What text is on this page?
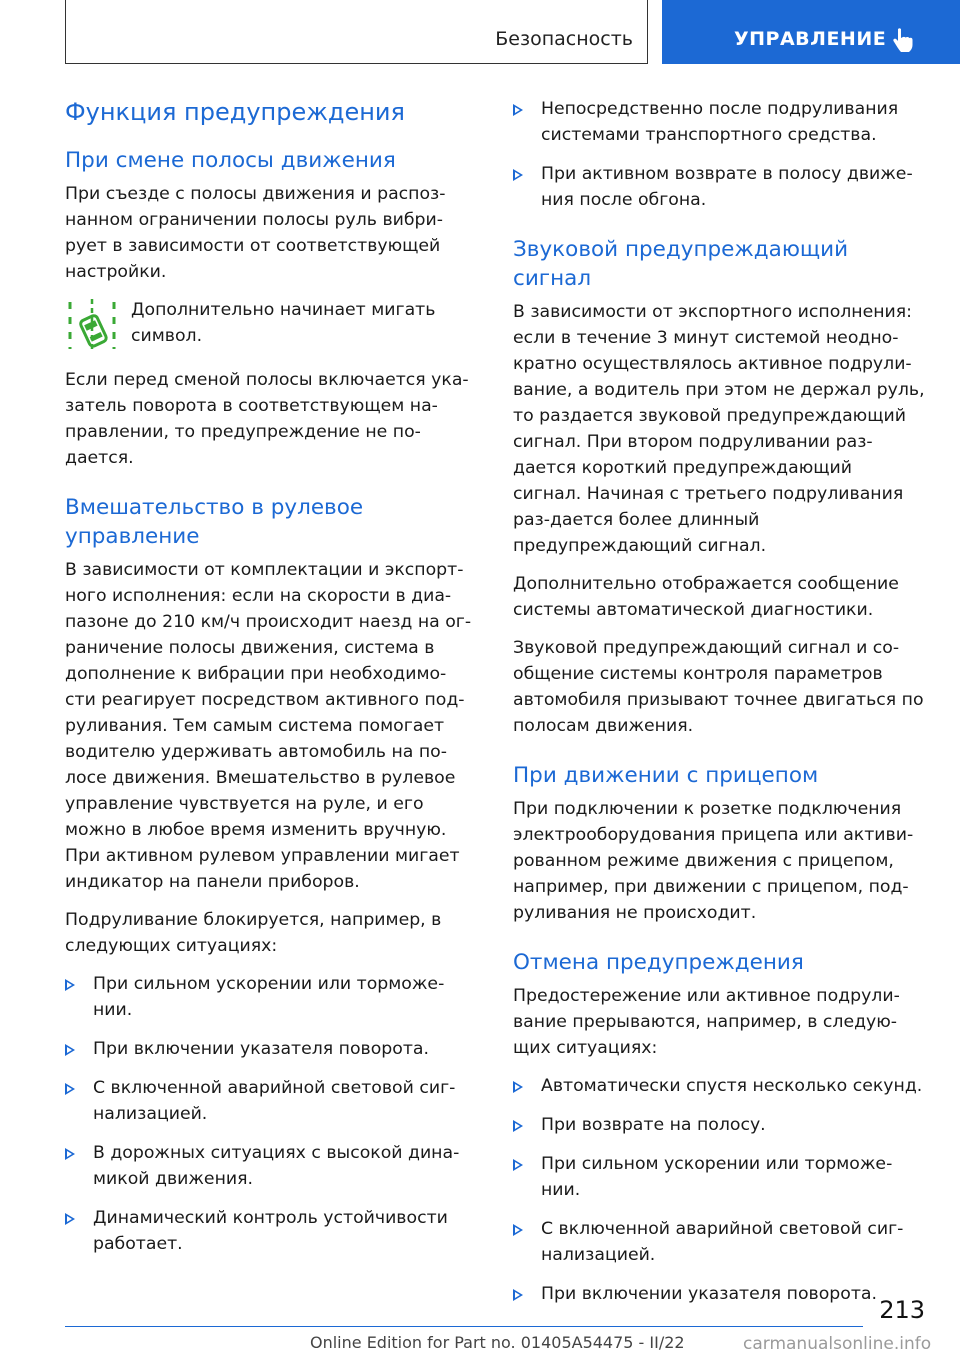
Безопасность	УПРАВЛЕНИЕ
Функция предупреждения
При смене полосы движения

При съезде с полосы движения и распоз-нанном ограничении полосы руль вибри-рует в зависимости от соответствующей настройки.

Дополнительно начинает мигать символ.

Если перед сменой полосы включается ука-затель поворота в соответствующем на-правлении, то предупреждение не по-дается.

Вмешательство в рулевое управление

В зависимости от комплектации и экспорт-ного исполнения: если на скорости в диа-пазоне до 210 км/ч происходит наезд на ог-раничение полосы движения, система в дополнение к вибрации при необходимо-сти реагирует посредством активного под-руливания. Тем самым система помогает водителю удерживать автомобиль на по-лосе движения. Вмешательство в рулевое управление чувствуется на руле, и его можно в любое время изменить вручную. При активном рулевом управлении мигает индикатор на панели приборов.

Подруливание блокируется, например, в следующих ситуациях:

При сильном ускорении или торможе-нии.
При включении указателя поворота.
С включенной аварийной световой сиг-нализацией.
В дорожных ситуациях с высокой дина-микой движения.
Динамический контроль устойчивости работает.
Непосредственно после подруливания системами транспортного средства.
При активном возврате в полосу движе-ния после обгона.
Звуковой предупреждающий сигнал

В зависимости от экспортного исполнения: если в течение 3 минут системой неодно-кратно осуществлялось активное подрули-вание, а водитель при этом не держал руль, то раздается звуковой предупреждающий сигнал. При втором подруливании раз-дается короткий предупреждающий сигнал. Начиная с третьего подруливания раз-дается более длинный предупреждающий сигнал.

Дополнительно отображается сообщение системы автоматической диагностики.

Звуковой предупреждающий сигнал и со-общение системы контроля параметров автомобиля призывают точнее двигаться по полосам движения.

При движении с прицепом

При подключении к розетке подключения электрооборудования прицепа или активи-рованном режиме движения с прицепом, например, при движении с прицепом, под-руливания не происходит.

Отмена предупреждения

Предостережение или активное подрули-вание прерываются, например, в следую-щих ситуациях:

Автоматически спустя несколько секунд.
При возврате на полосу.
При сильном ускорении или торможе-нии.
С включенной аварийной световой сиг-нализацией.
При включении указателя поворота.
213
Online Edition for Part no. 01405A54475 - II/22	carmanualsonline.info
